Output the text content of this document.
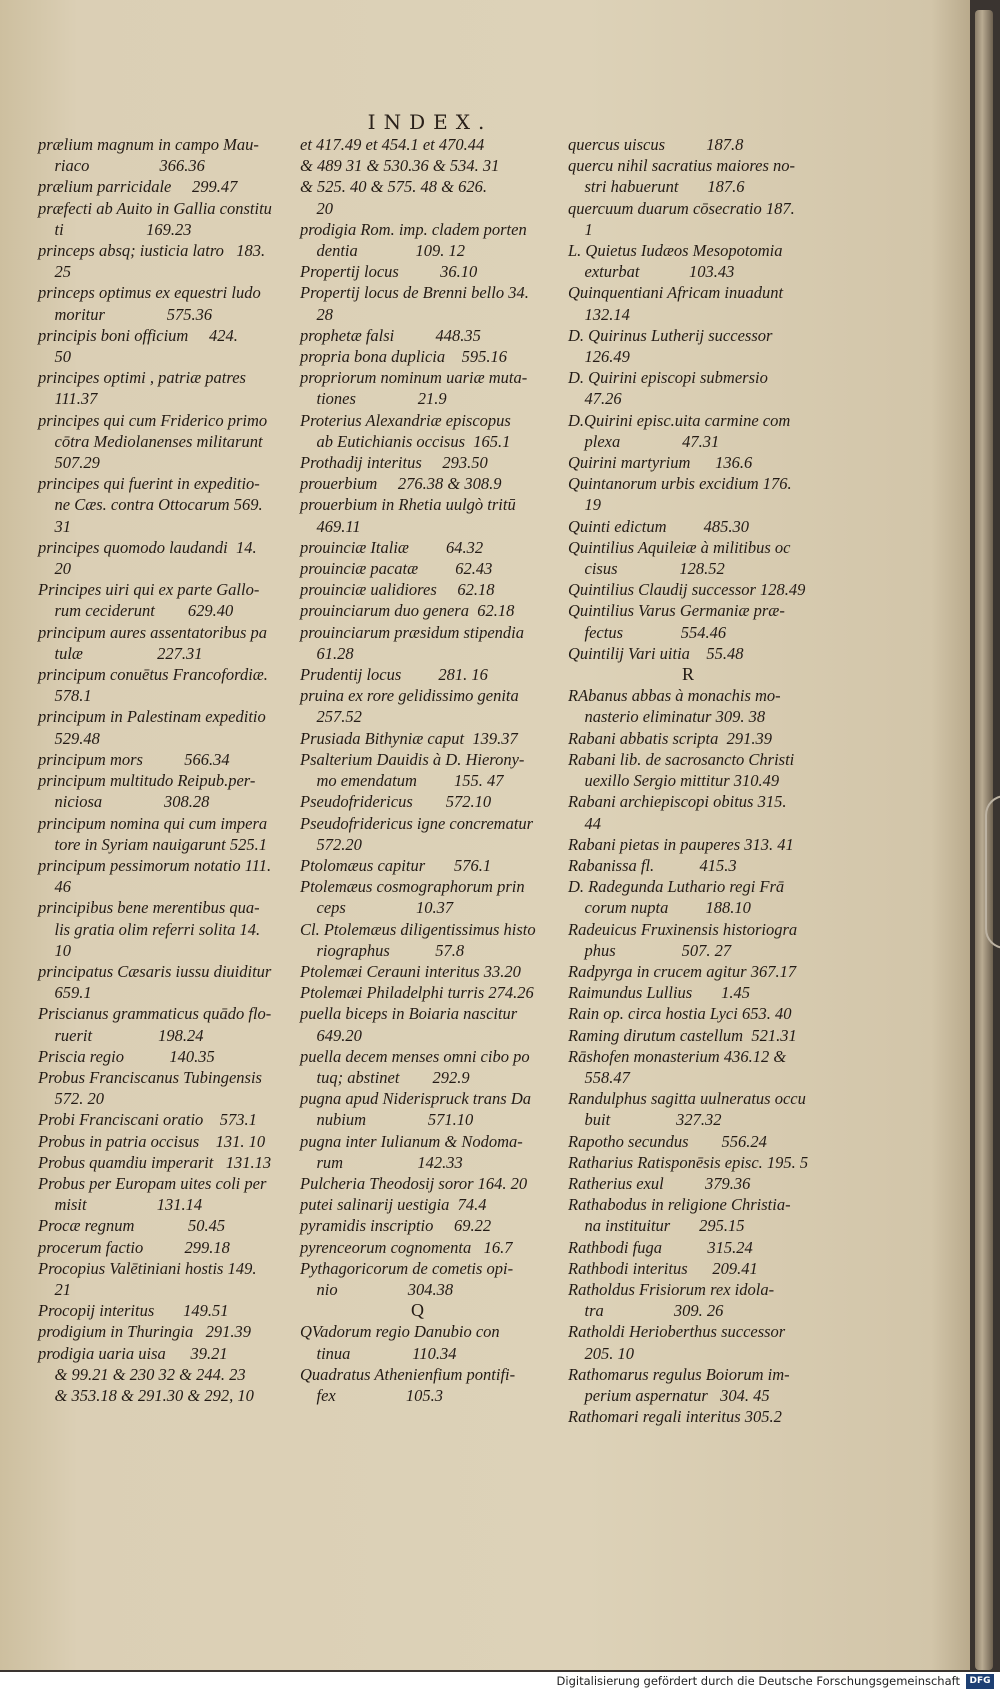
INDEX.
prælium magnum in campo Mau-
riaco                 366.36
prælium parricidale     299.47
præfecti ab Auito in Gallia constitu
ti                    169.23
princeps absq; iusticia latro   183.
25
princeps optimus ex equestri ludo
moritur               575.36
principis boni officium     424.
50
principes optimi , patriæ patres
111.37
principes qui cum Friderico primo
cōtra Mediolanenses militarunt
507.29
principes qui fuerint in expeditio-
ne Cæs. contra Ottocarum 569.
31
principes quomodo laudandi  14.
20
Principes uiri qui ex parte Gallo-
rum ceciderunt        629.40
principum aures assentatoribus pa
tulæ                  227.31
principum conuētus Francofordiæ.
578.1
principum in Palestinam expeditio
529.48
principum mors          566.34
principum multitudo Reipub.per-
niciosa               308.28
principum nomina qui cum impera
tore in Syriam nauigarunt 525.1
principum pessimorum notatio 111.
46
principibus bene merentibus qua-
lis gratia olim referri solita 14.
10
principatus Cæsaris iussu diuiditur
659.1
Priscianus grammaticus quādo flo-
ruerit                198.24
Priscia regio           140.35
Probus Franciscanus Tubingensis
572. 20
Probi Franciscani oratio    573.1
Probus in patria occisus    131. 10
Probus quamdiu imperarit   131.13
Probus per Europam uites coli per
misit                 131.14
Procæ regnum             50.45
procerum factio          299.18
Procopius Valētiniani hostis 149.
21
Procopij interitus       149.51
prodigium in Thuringia   291.39
prodigia uaria uisa      39.21
& 99.21 & 230 32 & 244. 23
& 353.18 & 291.30 & 292, 10
et 417.49 et 454.1 et 470.44
& 489 31 & 530.36 & 534. 31
& 525. 40 & 575. 48 & 626.
20
prodigia Rom. imp. cladem porten
dentia              109. 12
Propertij locus          36.10
Propertij locus de Brenni bello 34.
28
prophetæ falsi          448.35
propria bona duplicia    595.16
propriorum nominum uariæ muta-
tiones               21.9
Proterius Alexandriæ episcopus
ab Eutichianis occisus  165.1
Prothadij interitus     293.50
prouerbium     276.38 & 308.9
prouerbium in Rhetia uulgò tritū
469.11
prouinciæ Italiæ         64.32
prouinciæ pacatæ         62.43
prouinciæ ualidiores     62.18
prouinciarum duo genera  62.18
prouinciarum præsidum stipendia
61.28
Prudentij locus         281. 16
pruina ex rore gelidissimo genita
257.52
Prusiada Bithyniæ caput  139.37
Psalterium Dauidis à D. Hierony-
mo emendatum         155. 47
Pseudofridericus        572.10
Pseudofridericus igne concrematur
572.20
Ptolomæus capitur       576.1
Ptolemæus cosmographorum prin
ceps                 10.37
Cl. Ptolemæus diligentissimus histo
riographus           57.8
Ptolemæi Cerauni interitus 33.20
Ptolemæi Philadelphi turris 274.26
puella biceps in Boiaria nascitur
649.20
puella decem menses omni cibo po
tuq; abstinet        292.9
pugna apud Niderispruck trans Da
nubium               571.10
pugna inter Iulianum & Nodoma-
rum                  142.33
Pulcheria Theodosij soror 164. 20
putei salinarij uestigia  74.4
pyramidis inscriptio     69.22
pyrenceorum cognomenta   16.7
Pythagoricorum de cometis opi-
nio                 304.38
Q
QVadorum regio Danubio con
tinua               110.34
Quadratus Athenienfium pontifi-
fex                 105.3
quercus uiscus          187.8
quercu nihil sacratius maiores no-
stri habuerunt       187.6
quercuum duarum cōsecratio 187.
1
L. Quietus Iudæos Mesopotomia
exturbat            103.43
Quinquentiani Africam inuadunt
132.14
D. Quirinus Lutherij successor
126.49
D. Quirini episcopi submersio
47.26
D.Quirini episc.uita carmine com
plexa               47.31
Quirini martyrium      136.6
Quintanorum urbis excidium 176.
19
Quinti edictum         485.30
Quintilius Aquileiæ à militibus oc
cisus               128.52
Quintilius Claudij successor 128.49
Quintilius Varus Germaniæ præ-
fectus              554.46
Quintilij Vari uitia    55.48
R
RAbanus abbas à monachis mo-
nasterio eliminatur 309. 38
Rabani abbatis scripta  291.39
Rabani lib. de sacrosancto Christi
uexillo Sergio mittitur 310.49
Rabani archiepiscopi obitus 315.
44
Rabani pietas in pauperes 313. 41
Rabanissa fl.           415.3
D. Radegunda Luthario regi Frā
corum nupta         188.10
Radeuicus Fruxinensis historiogra
phus                507. 27
Radpyrga in crucem agitur 367.17
Raimundus Lullius       1.45
Rain op. circa hostia Lyci 653. 40
Raming dirutum castellum  521.31
Rāshofen monasterium 436.12 &
558.47
Randulphus sagitta uulneratus occu
buit                327.32
Rapotho secundus        556.24
Ratharius Ratisponēsis episc. 195. 5
Ratherius exul          379.36
Rathabodus in religione Christia-
na instituitur       295.15
Rathbodi fuga           315.24
Rathbodi interitus      209.41
Ratholdus Frisiorum rex idola-
tra                 309. 26
Ratholdi Herioberthus successor
205. 10
Rathomarus regulus Boiorum im-
perium aspernatur   304. 45
Rathomari regali interitus 305.2
Digitalisierung gefördert durch die Deutsche Forschungsgemeinschaft	DFG
